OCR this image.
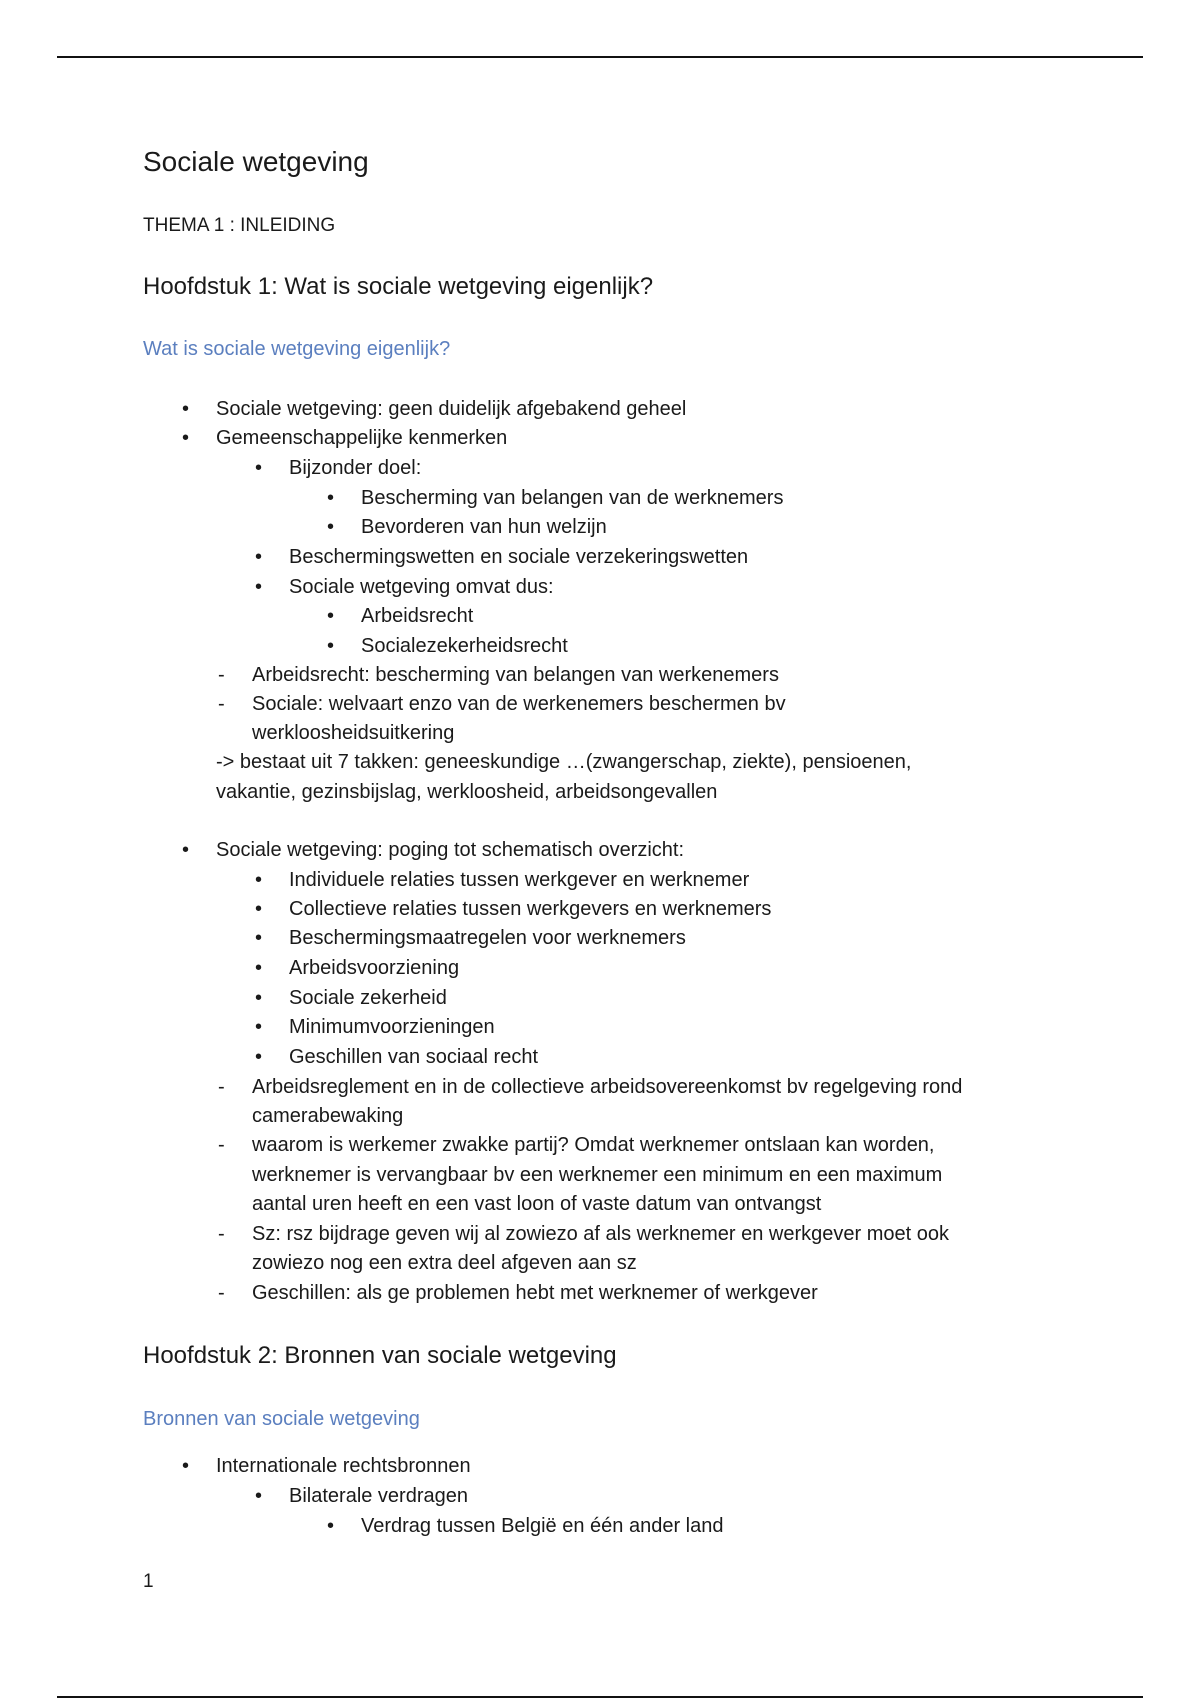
Sociale wetgeving
THEMA 1 : INLEIDING
Hoofdstuk 1: Wat is sociale wetgeving eigenlijk?
Wat is sociale wetgeving eigenlijk?
• Sociale wetgeving: geen duidelijk afgebakend geheel
• Gemeenschappelijke kenmerken
• Bijzonder doel:
• Bescherming van belangen van de werknemers
• Bevorderen van hun welzijn
• Beschermingswetten en sociale verzekeringswetten
• Sociale wetgeving omvat dus:
• Arbeidsrecht
• Socialezekerheidsrecht
- Arbeidsrecht: bescherming van belangen van werkenemers
- Sociale: welvaart enzo van de werkenemers beschermen bv
werkloosheidsuitkering
-> bestaat uit 7 takken: geneeskundige …(zwangerschap, ziekte), pensioenen,
vakantie, gezinsbijslag, werkloosheid, arbeidsongevallen
• Sociale wetgeving: poging tot schematisch overzicht:
• Individuele relaties tussen werkgever en werknemer
• Collectieve relaties tussen werkgevers en werknemers
• Beschermingsmaatregelen voor werknemers
• Arbeidsvoorziening
• Sociale zekerheid
• Minimumvoorzieningen
• Geschillen van sociaal recht
- Arbeidsreglement en in de collectieve arbeidsovereenkomst bv regelgeving rond
camerabewaking
- waarom is werkemer zwakke partij? Omdat werknemer ontslaan kan worden,
werknemer is vervangbaar bv een werknemer een minimum en een maximum
aantal uren heeft en een vast loon of vaste datum van ontvangst
- Sz: rsz bijdrage geven wij al zowiezo af als werknemer en werkgever moet ook
zowiezo nog een extra deel afgeven aan sz
- Geschillen: als ge problemen hebt met werknemer of werkgever
Hoofdstuk 2: Bronnen van sociale wetgeving
Bronnen van sociale wetgeving
• Internationale rechtsbronnen
• Bilaterale verdragen
• Verdrag tussen België en één ander land
1
